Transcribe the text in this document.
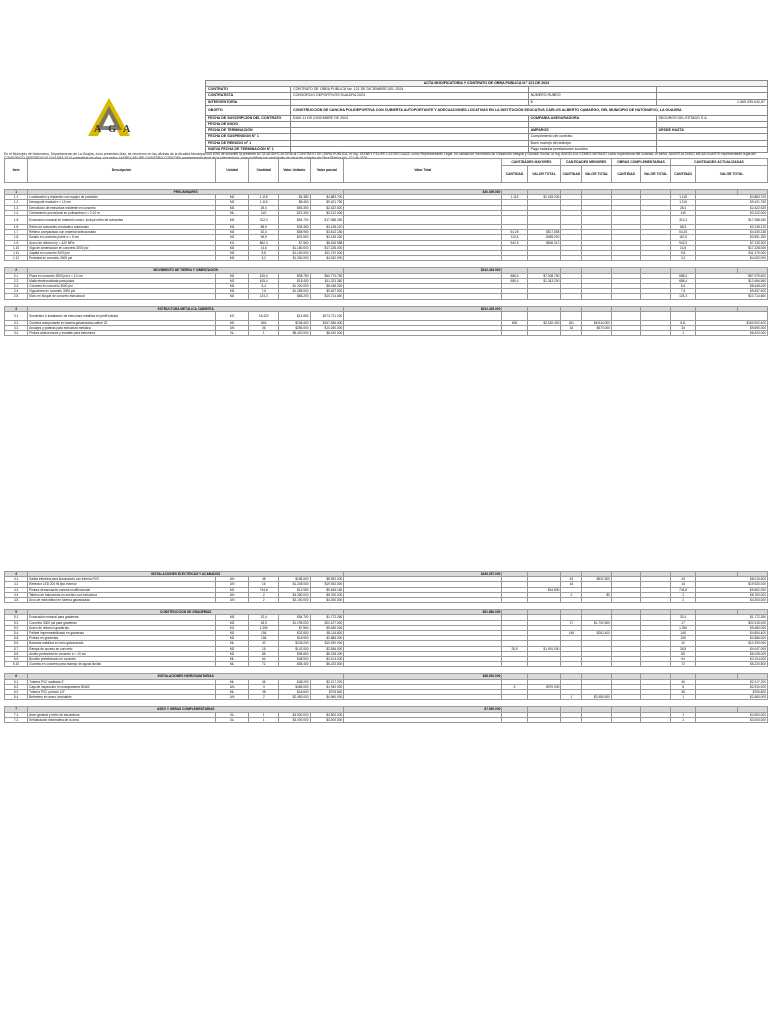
AGA
ACTA MODIFICATORIA Y CONTRATO DE OBRA PÚBLICA N.º 121 DE 2024			
CONTRATO	CONTRATO DE OBRA PÚBLICA No. 121 DE DICIEMBRE DEL 2024		
CONTRATISTA	CONSORCIO DEPORTIVOS GUAJIRA 2024	NÚMERO RUBRO	
INTERVENTORÍA		$	1.565.339.042,87
OBJETO	CONSTRUCCIÓN DE CANCHA POLIDEPORTIVA CON CUBIERTA AUTOPORTANTE Y ADECUACIONES LOCATIVAS EN LA INSTITUCIÓN EDUCATIVA CARLOS ALBERTO CAMARGO, DEL MUNICIPIO DE HATONUEVO, LA GUAJIRA		
FECHA DE SUSCRIPCIÓN DEL CONTRATO	DIAS 11 DE DICIEMBRE DE 2024	COMPAÑÍA ASEGURADORA	SEGUROS DEL ESTADO S.A.
FECHA DE INICIO			
FECHA DE TERMINACIÓN		AMPAROS	DESDE HASTA
FECHA DE SUSPENSIÓN N° 1		Cumplimiento del contrato	
FECHA DE REINICIO N° 1		Buen manejo del anticipo	
NUEVA FECHA DE TERMINACIÓN N° 1		Pago salarios prestaciones sociales	
En el Municipio de Hatonuevo, Departamento de La Guajira, a los presentes días, se reunieron en las oficinas de la Alcaldía Municipal con el fin de suscribir la presente ACTA MODIFICATORIA al CONTRATO DE OBRA PÚBLICA, el Ing. JASNEY FELIPE CLEVES DAZA, como Representante Legal, en calidad de Secretario de Desarrollo Integral y Gestión Social, la Ing. ANGÉLICA GÓMEZ MERAZO como supervisora del contrato, el señor JAVIER ALONSO MEJIA DUARTE representante legal del
Item	Descripción	Unidad	Cantidad	Valor Unitario	Valor parcial	Valor Total	CANTIDADES MAYORES		CANTIDADES MENORES		OBRAS COMPLEMENTARIAS		CANTIDADES ACTUALIZADAS		
							CANTIDAD	VALOR TOTAL	CANTIDAD	VALOR TOTAL	CANTIDAD	VALOR TOTAL	CANTIDAD	VALOR TOTAL	

1	PRELIMINARES					$40.309.000									
1.1	Localización y replanteo con equipo de precisión	M2	1.115	$4.380	$4.883.700		1.115	$1.183.200					1.115	$4.883.700	
1.2	Descapote manual e = 10 cm	M2	1.115	$8.450	$9.421.750								1.115	$9.421.750	
1.3	Demolición de estructura existente en concreto	M3	28,4	$85.300	$2.422.520								28,4	$2.422.520	
1.4	Cerramiento provisional en polisombra h = 2,10 m	ML	140	$22.300	$3.122.000								140	$3.122.000	
1.5	Excavación manual en material común, incluye retiro de sobrantes	M3	312,4	$54.700	$17.088.280								312,4	$17.088.280	
1.6	Retiro de sobrantes a botadero autorizado	M3	88,5	$35.460	$3.138.210								88,5	$3.138.210	
1.7	Relleno compactado con material seleccionado	M3	52,4	$68.950	$3.613.180		64,25	$817.058					64,25	$4.430.238	
1.8	Solado en concreto pobre e = 5 cm	M2	96,5	$32.500	$3.136.250		110,5	$455.000					110,5	$3.591.250	
1.9	Acero de refuerzo fy = 420 MPa	KG	862,3	$7.560	$6.518.988		942,5	$606.312					942,5	$7.125.300	
1.10	Viga de cimentación en concreto 3000 psi	M3	14,6	$1.180.000	$17.228.000								14,6	$17.228.000	
1.11	Zapata en concreto 3000 psi	M3	9,8	$1.150.000	$11.270.000								9,8	$11.270.000	
1.12	Pedestal en concreto 3000 psi	M3	3,2	$1.260.000	$4.032.000								3,2	$4.032.000	

2	MOVIMIENTO DE TIERRA Y CIMENTACIÓN					$312.403.000									
2.1	Placa en concreto 3000 psi e = 12 cm	M2	615,4	$98.750	$60.770.750		688,4	$7.208.750					688,4	$67.979.500	
2.2	Malla electrosoldada para placa	M2	615,4	$18.400	$11.323.360		688,4	$1.343.200					688,4	$12.666.560	
2.3	Columna en concreto 3000 psi	M3	6,4	$1.320.000	$8.448.000								6,4	$8.448.000	
2.4	Viga aérea en concreto 3000 psi	M3	7,5	$1.285.000	$9.637.500								7,5	$9.637.500	
2.5	Muro en bloque de concreto estructural	M2	124,3	$86.200	$10.714.660								124,3	$10.714.660	

3	ESTRUCTURA METÁLICA CUBIERTA					$912.405.000									
3.1	Suministro e instalación de estructura metálica en perfil tubular	KG	18.420	$14.860	$273.721.200										
3.2	Cubierta autoportante en lámina galvanizada calibre 22	M2	846	$198.400	$167.846.400		835	$2.182.400	811	$6.944.000			811	$160.902.400	
3.3	Anclajes y platinas para estructura metálica	UN	36	$285.000	$10.260.000				34	$570.000			34	$9.690.000	
3.4	Pintura anticorrosiva y esmalte para estructura	GL	1	$8.420.000	$8.420.000								1	$8.420.000	

4	INSTALACIONES ELÉCTRICAS Y ACABADOS					$446.257.000									
4.1	Salida eléctrica para iluminación con tubería PVC	UN	48	$186.500	$8.952.000				43	$932.500			43	$8.019.500	
4.2	Reflector LED 200 W tipo exterior	UN	16	$1.245.000	$19.920.000				16				16	$19.920.000	
4.3	Pintura demarcación cancha multifuncional	M2	744,8	$12.950	$9.645.160			$16.890					744,8	$9.662.050	
4.4	Tablero de baloncesto en acrílico con estructura	UN	2	$4.380.000	$8.760.000				2	$0			2	$8.760.000	
4.5	Arco de microfútbol en tubería galvanizada	UN	2	$2.150.000	$4.300.000								2	$4.300.000	

5	CONSTRUCCIÓN DE GRADERÍAS					$91.680.000									
5.1	Excavación manual para graderías	M3	32,4	$54.700	$1.772.280								32,4	$1.772.280	
5.2	Concreto 3000 psi para graderías	M3	18,5	$1.195.000	$22.107.500				17	$1.792.500			17	$20.315.000	
5.3	Acero de refuerzo graderías	KG	1.250	$7.560	$9.450.000								1.250	$9.450.000	
5.4	Pañete impermeabilizado en graderías	M2	156	$32.800	$5.116.800				148	$262.400			148	$4.854.400	
5.5	Pintura en graderías	M2	156	$18.500	$2.886.000								156	$2.886.000	
5.6	Baranda metálica en tubo galvanizado	ML	42	$245.000	$10.290.000								42	$10.290.000	
5.7	Rampa de acceso en concreto	M2	18	$142.000	$2.556.000		28,5	$1.491.000					28,5	$4.047.000	
5.8	Andén perimetral en concreto e = 10 cm	M2	85	$96.800	$8.228.000								85	$8.228.000	
5.9	Bordillo prefabricado en concreto	ML	64	$48.500	$3.104.000								64	$3.104.000	
5.10	Cunetas en concreto para manejo de aguas lluvias	ML	72	$86.400	$6.220.800								72	$6.220.800	

6	INSTALACIONES HIDROSANITARIAS					$38.910.000									
6.1	Tubería PVC sanitaria 4"	ML	46	$48.200	$2.217.200								46	$2.217.200	
6.2	Caja de inspección en mampostería 60x60	UN	4	$485.000	$1.940.000		6	$970.000					6	$2.910.000	
6.3	Tubería PVC presión 1/2"	ML	38	$18.600	$706.800								38	$706.800	
6.4	Bebedero en acero inoxidable	UN	2	$2.480.000	$4.960.000				1	$2.480.000			1	$2.480.000	

7	ASEO Y OBRAS COMPLEMENTARIAS					$7.500.000									
7.1	Aseo general y retiro de escombros	GL	1	$4.500.000	$4.500.000								1	$4.500.000	
7.2	Señalización informativa de la obra	GL	1	$3.000.000	$3.000.000								1	$3.000.000	
